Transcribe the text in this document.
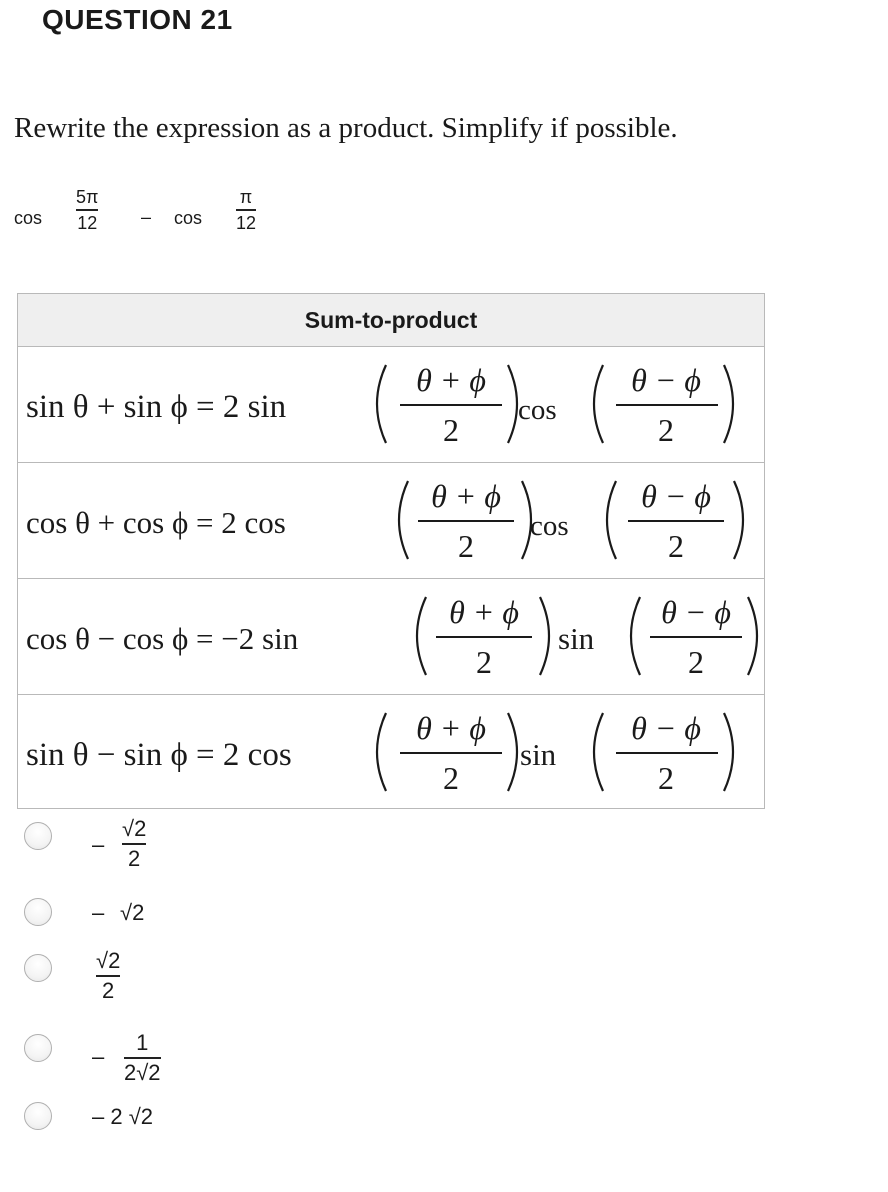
QUESTION 21
Rewrite the expression as a product. Simplify if possible.
cos
5π
12 – cos
π
12
Sum-to-product
sin θ + sin ϕ = 2 sin
θ + ϕ
2
cos
θ − ϕ
2
cos θ + cos ϕ = 2 cos
θ + ϕ
2
cos
θ − ϕ
2
cos θ − cos ϕ = −2 sin
θ + ϕ
2
sin
θ − ϕ
2
sin θ − sin ϕ = 2 cos
θ + ϕ
2
sin
θ − ϕ
2
–
√2
2
– √2
√2
2
–
1
2√2
– 2 √2
